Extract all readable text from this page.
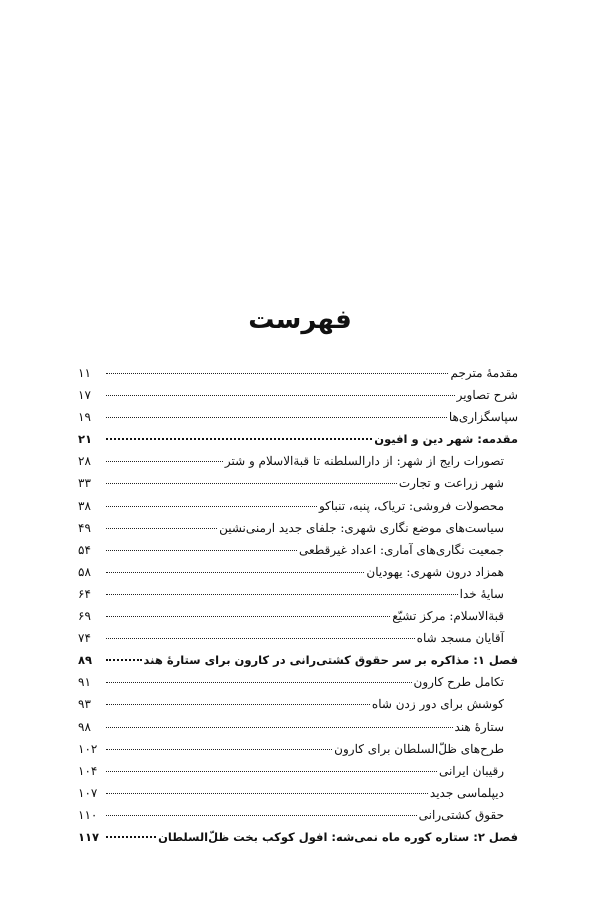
فهرست
مقدمهٔ مترجم
۱۱
شرح تصاویر
۱۷
سپاسگزاری‌ها
۱۹
مقدمه: شهر دین و افیون
۲۱
تصورات رایج از شهر: از دارالسلطنه تا قبة‌الاسلام و شتر
۲۸
شهر زراعت و تجارت
۳۳
محصولات فروشی: تریاک، پنبه، تنباکو
۳۸
سیاست‌های موضع نگاری شهری: جلفای جدید ارمنی‌نشین
۴۹
جمعیت نگاری‌های آماری: اعداد غیرقطعی
۵۴
همزاد درون شهری: یهودیان
۵۸
سایهٔ خدا
۶۴
قبة‌الاسلام: مرکز تشیّع
۶۹
آقایان مسجد شاه
۷۴
فصل ۱: مذاکره بر سر حقوق کشتی‌رانی در کارون برای ستارهٔ هند
۸۹
تکامل طرح کارون
۹۱
کوشش برای دور زدن شاه
۹۳
ستارهٔ هند
۹۸
طرح‌های ظلّ‌السلطان برای کارون
۱۰۲
رقیبان ایرانی
۱۰۴
دیپلماسی جدید
۱۰۷
حقوق کشتی‌رانی
۱۱۰
فصل ۲: ستاره کوره ماه نمی‌شه: افول کوکب بخت ظلّ‌السلطان
۱۱۷
